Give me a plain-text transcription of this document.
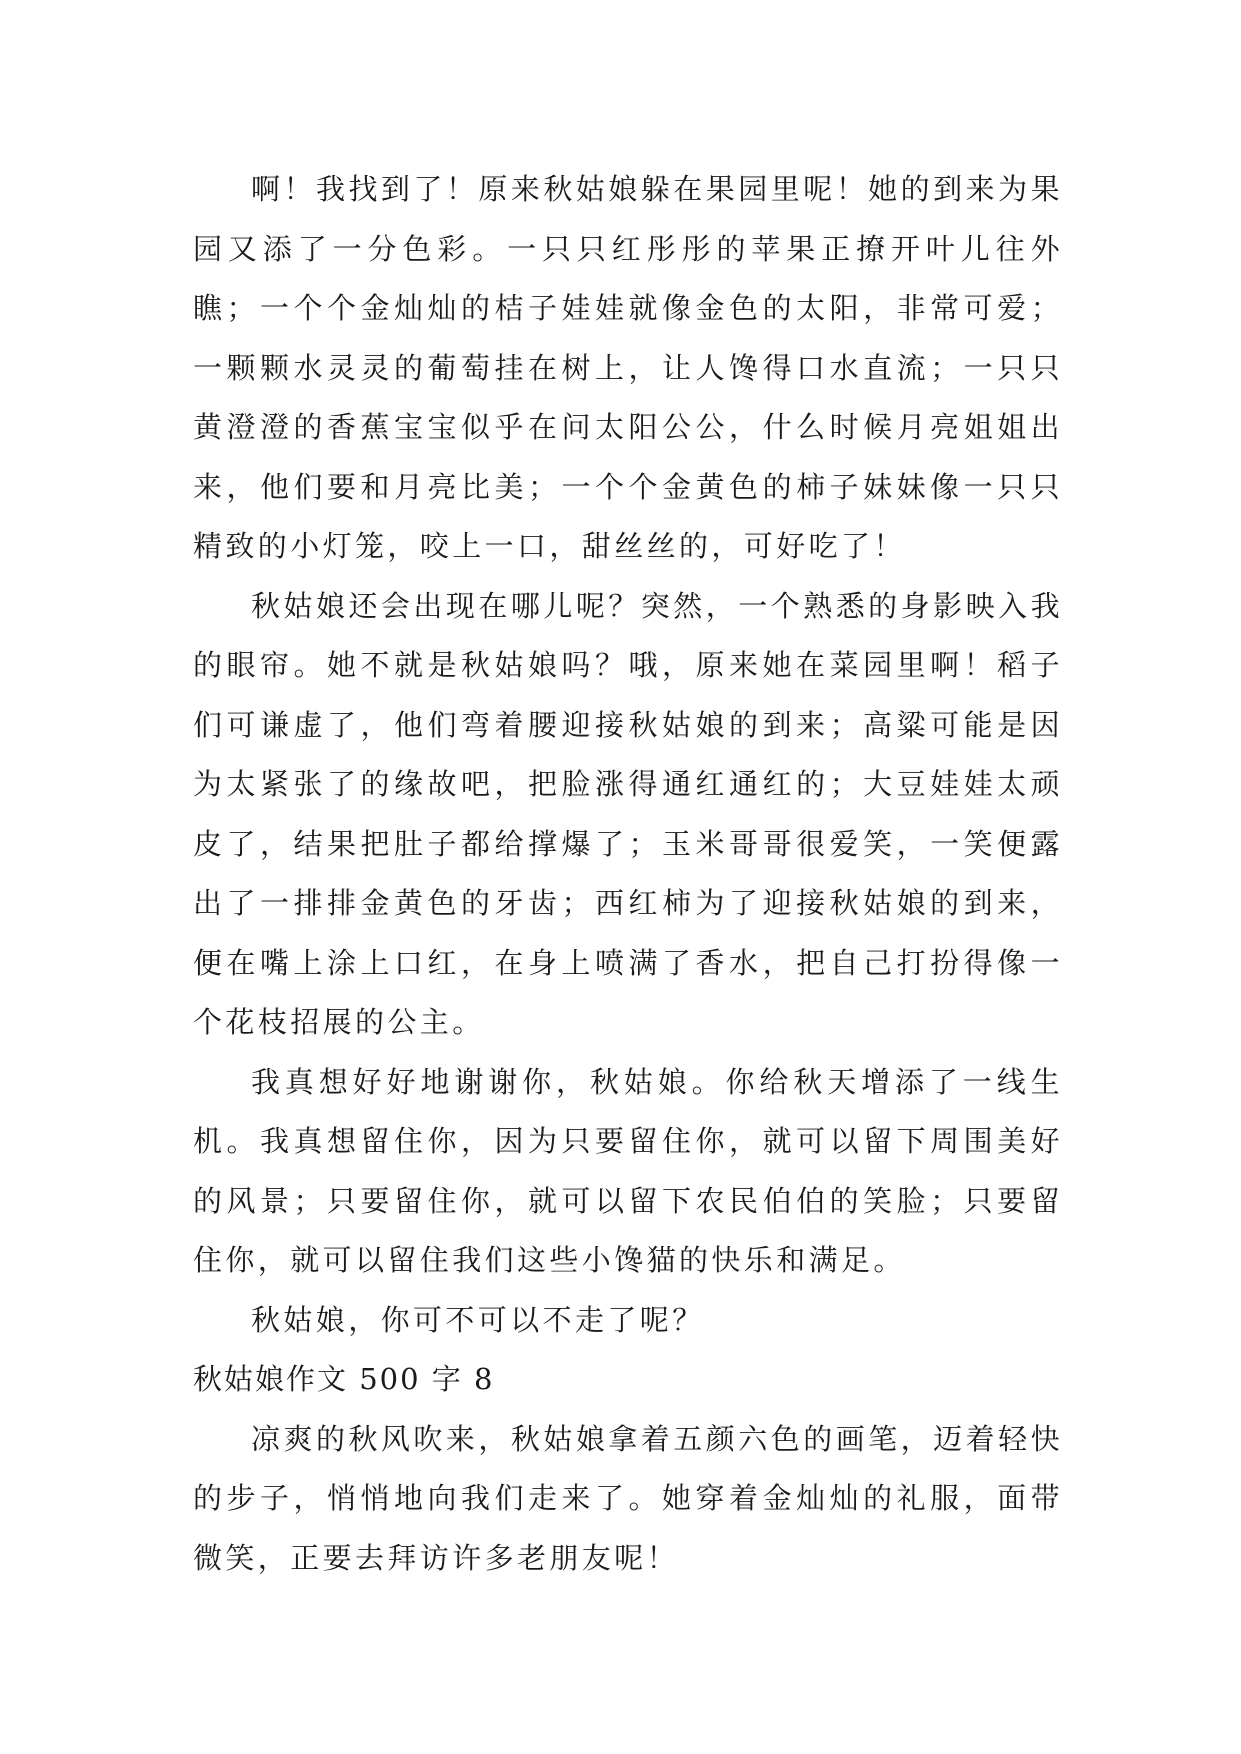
啊！我找到了！原来秋姑娘躲在果园里呢！她的到来为果园又添了一分色彩。一只只红彤彤的苹果正撩开叶儿往外瞧；一个个金灿灿的桔子娃娃就像金色的太阳，非常可爱；一颗颗水灵灵的葡萄挂在树上，让人馋得口水直流；一只只黄澄澄的香蕉宝宝似乎在问太阳公公，什么时候月亮姐姐出来，他们要和月亮比美；一个个金黄色的柿子妹妹像一只只精致的小灯笼，咬上一口，甜丝丝的，可好吃了！

秋姑娘还会出现在哪儿呢？突然，一个熟悉的身影映入我的眼帘。她不就是秋姑娘吗？哦，原来她在菜园里啊！稻子们可谦虚了，他们弯着腰迎接秋姑娘的到来；高粱可能是因为太紧张了的缘故吧，把脸涨得通红通红的；大豆娃娃太顽皮了，结果把肚子都给撑爆了；玉米哥哥很爱笑，一笑便露出了一排排金黄色的牙齿；西红柿为了迎接秋姑娘的到来，便在嘴上涂上口红，在身上喷满了香水，把自己打扮得像一个花枝招展的公主。

我真想好好地谢谢你，秋姑娘。你给秋天增添了一线生机。我真想留住你，因为只要留住你，就可以留下周围美好的风景；只要留住你，就可以留下农民伯伯的笑脸；只要留住你，就可以留住我们这些小馋猫的快乐和满足。

秋姑娘，你可不可以不走了呢？

秋姑娘作文 500 字 8

凉爽的秋风吹来，秋姑娘拿着五颜六色的画笔，迈着轻快的步子，悄悄地向我们走来了。她穿着金灿灿的礼服，面带微笑，正要去拜访许多老朋友呢！
